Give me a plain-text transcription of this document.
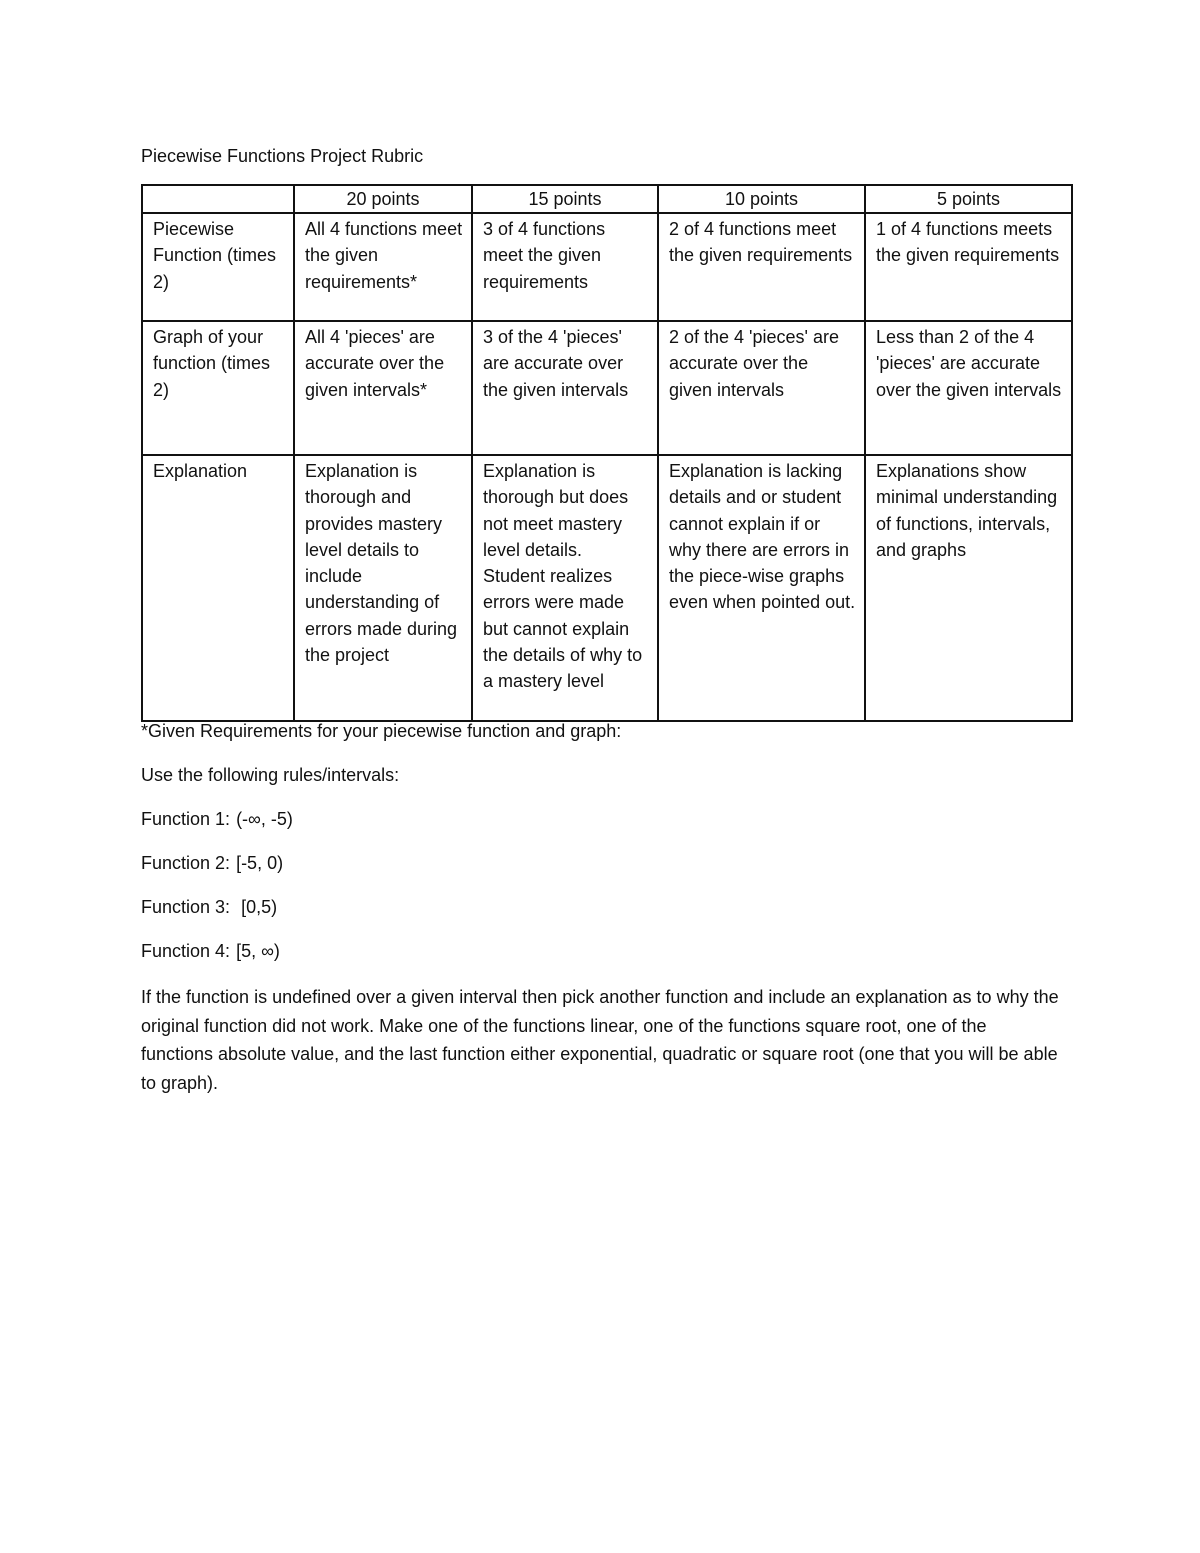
Piecewise Functions Project Rubric
	20 points	15 points	10 points	5 points
Piecewise Function (times 2)	All 4 functions meet the given requirements*	3 of 4 functions meet the given requirements	2 of 4 functions meet the given requirements	1 of 4 functions meets the given requirements
Graph of your function (times 2)	All 4 'pieces' are accurate over the given intervals*	3 of the 4 'pieces' are accurate over the given intervals	2 of the 4 'pieces' are accurate over the given intervals	Less than 2 of the 4 'pieces' are accurate over the given intervals
Explanation	Explanation is thorough and provides mastery level details to include understanding of errors made during the project	Explanation is thorough but does not meet mastery level details. Student realizes errors were made but cannot explain the details of why to a mastery level	Explanation is lacking details and or student cannot explain if or why there are errors in the piece-wise graphs even when pointed out.	Explanations show minimal understanding of functions, intervals, and graphs
*Given Requirements for your piecewise function and graph:
Use the following rules/intervals:
Function 1: (-∞, -5)
Function 2: [-5, 0)
Function 3: [0,5)
Function 4: [5, ∞)
If the function is undefined over a given interval then pick another function and include an explanation as to why the original function did not work. Make one of the functions linear, one of the functions square root, one of the functions absolute value, and the last function either exponential, quadratic or square root (one that you will be able to graph).
